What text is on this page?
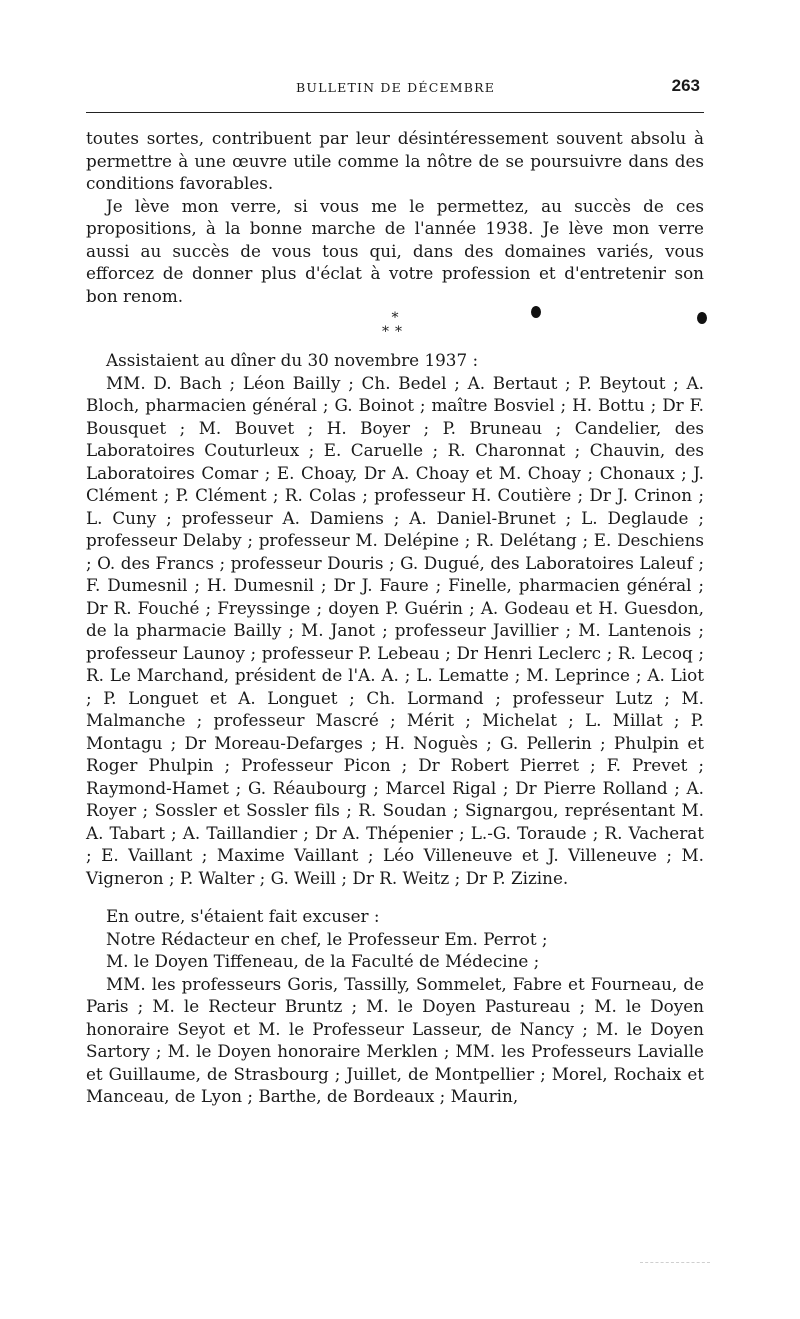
BULLETIN DE DÉCEMBRE	263

toutes sortes, contribuent par leur désintéressement souvent absolu à permettre à une œuvre utile comme la nôtre de se poursuivre dans des conditions favorables.

Je lève mon verre, si vous me le permettez, au succès de ces propositions, à la bonne marche de l'année 1938. Je lève mon verre aussi au succès de vous tous qui, dans des domaines variés, vous efforcez de donner plus d'éclat à votre profession et d'entretenir son bon renom.

*
**

Assistaient au dîner du 30 novembre 1937 :

MM. D. Bach ; Léon Bailly ; Ch. Bedel ; A. Bertaut ; P. Beytout ; A. Bloch, pharmacien général ; G. Boinot ; maître Bosviel ; H. Bottu ; Dr F. Bousquet ; M. Bouvet ; H. Boyer ; P. Bruneau ; Candelier, des Laboratoires Couturleux ; E. Caruelle ; R. Charonnat ; Chauvin, des Laboratoires Comar ; E. Choay, Dr A. Choay et M. Choay ; Chonaux ; J. Clément ; P. Clément ; R. Colas ; professeur H. Coutière ; Dr J. Crinon ; L. Cuny ; professeur A. Damiens ; A. Daniel-Brunet ; L. Deglaude ; professeur Delaby ; professeur M. Delépine ; R. Delétang ; E. Deschiens ; O. des Francs ; professeur Douris ; G. Dugué, des Laboratoires Laleuf ; F. Dumesnil ; H. Dumesnil ; Dr J. Faure ; Finelle, pharmacien général ; Dr R. Fouché ; Freyssinge ; doyen P. Guérin ; A. Godeau et H. Guesdon, de la pharmacie Bailly ; M. Janot ; professeur Javillier ; M. Lantenois ; professeur Launoy ; professeur P. Lebeau ; Dr Henri Leclerc ; R. Lecoq ; R. Le Marchand, président de l'A. A. ; L. Lematte ; M. Leprince ; A. Liot ; P. Longuet et A. Longuet ; Ch. Lormand ; professeur Lutz ; M. Malmanche ; professeur Mascré ; Mérit ; Michelat ; L. Millat ; P. Montagu ; Dr Moreau-Defarges ; H. Noguès ; G. Pellerin ; Phulpin et Roger Phulpin ; Professeur Picon ; Dr Robert Pierret ; F. Prevet ; Raymond-Hamet ; G. Réaubourg ; Marcel Rigal ; Dr Pierre Rolland ; A. Royer ; Sossler et Sossler fils ; R. Soudan ; Signargou, représentant M. A. Tabart ; A. Taillandier ; Dr A. Thépenier ; L.-G. Toraude ; R. Vacherat ; E. Vaillant ; Maxime Vaillant ; Léo Villeneuve et J. Villeneuve ; M. Vigneron ; P. Walter ; G. Weill ; Dr R. Weitz ; Dr P. Zizine.

En outre, s'étaient fait excuser :

Notre Rédacteur en chef, le Professeur Em. Perrot ;

M. le Doyen Tiffeneau, de la Faculté de Médecine ;

MM. les professeurs Goris, Tassilly, Sommelet, Fabre et Fourneau, de Paris ; M. le Recteur Bruntz ; M. le Doyen Pastureau ; M. le Doyen honoraire Seyot et M. le Professeur Lasseur, de Nancy ; M. le Doyen Sartory ; M. le Doyen honoraire Merklen ; MM. les Professeurs Lavialle et Guillaume, de Strasbourg ; Juillet, de Montpellier ; Morel, Rochaix et Manceau, de Lyon ; Barthe, de Bordeaux ; Maurin,
